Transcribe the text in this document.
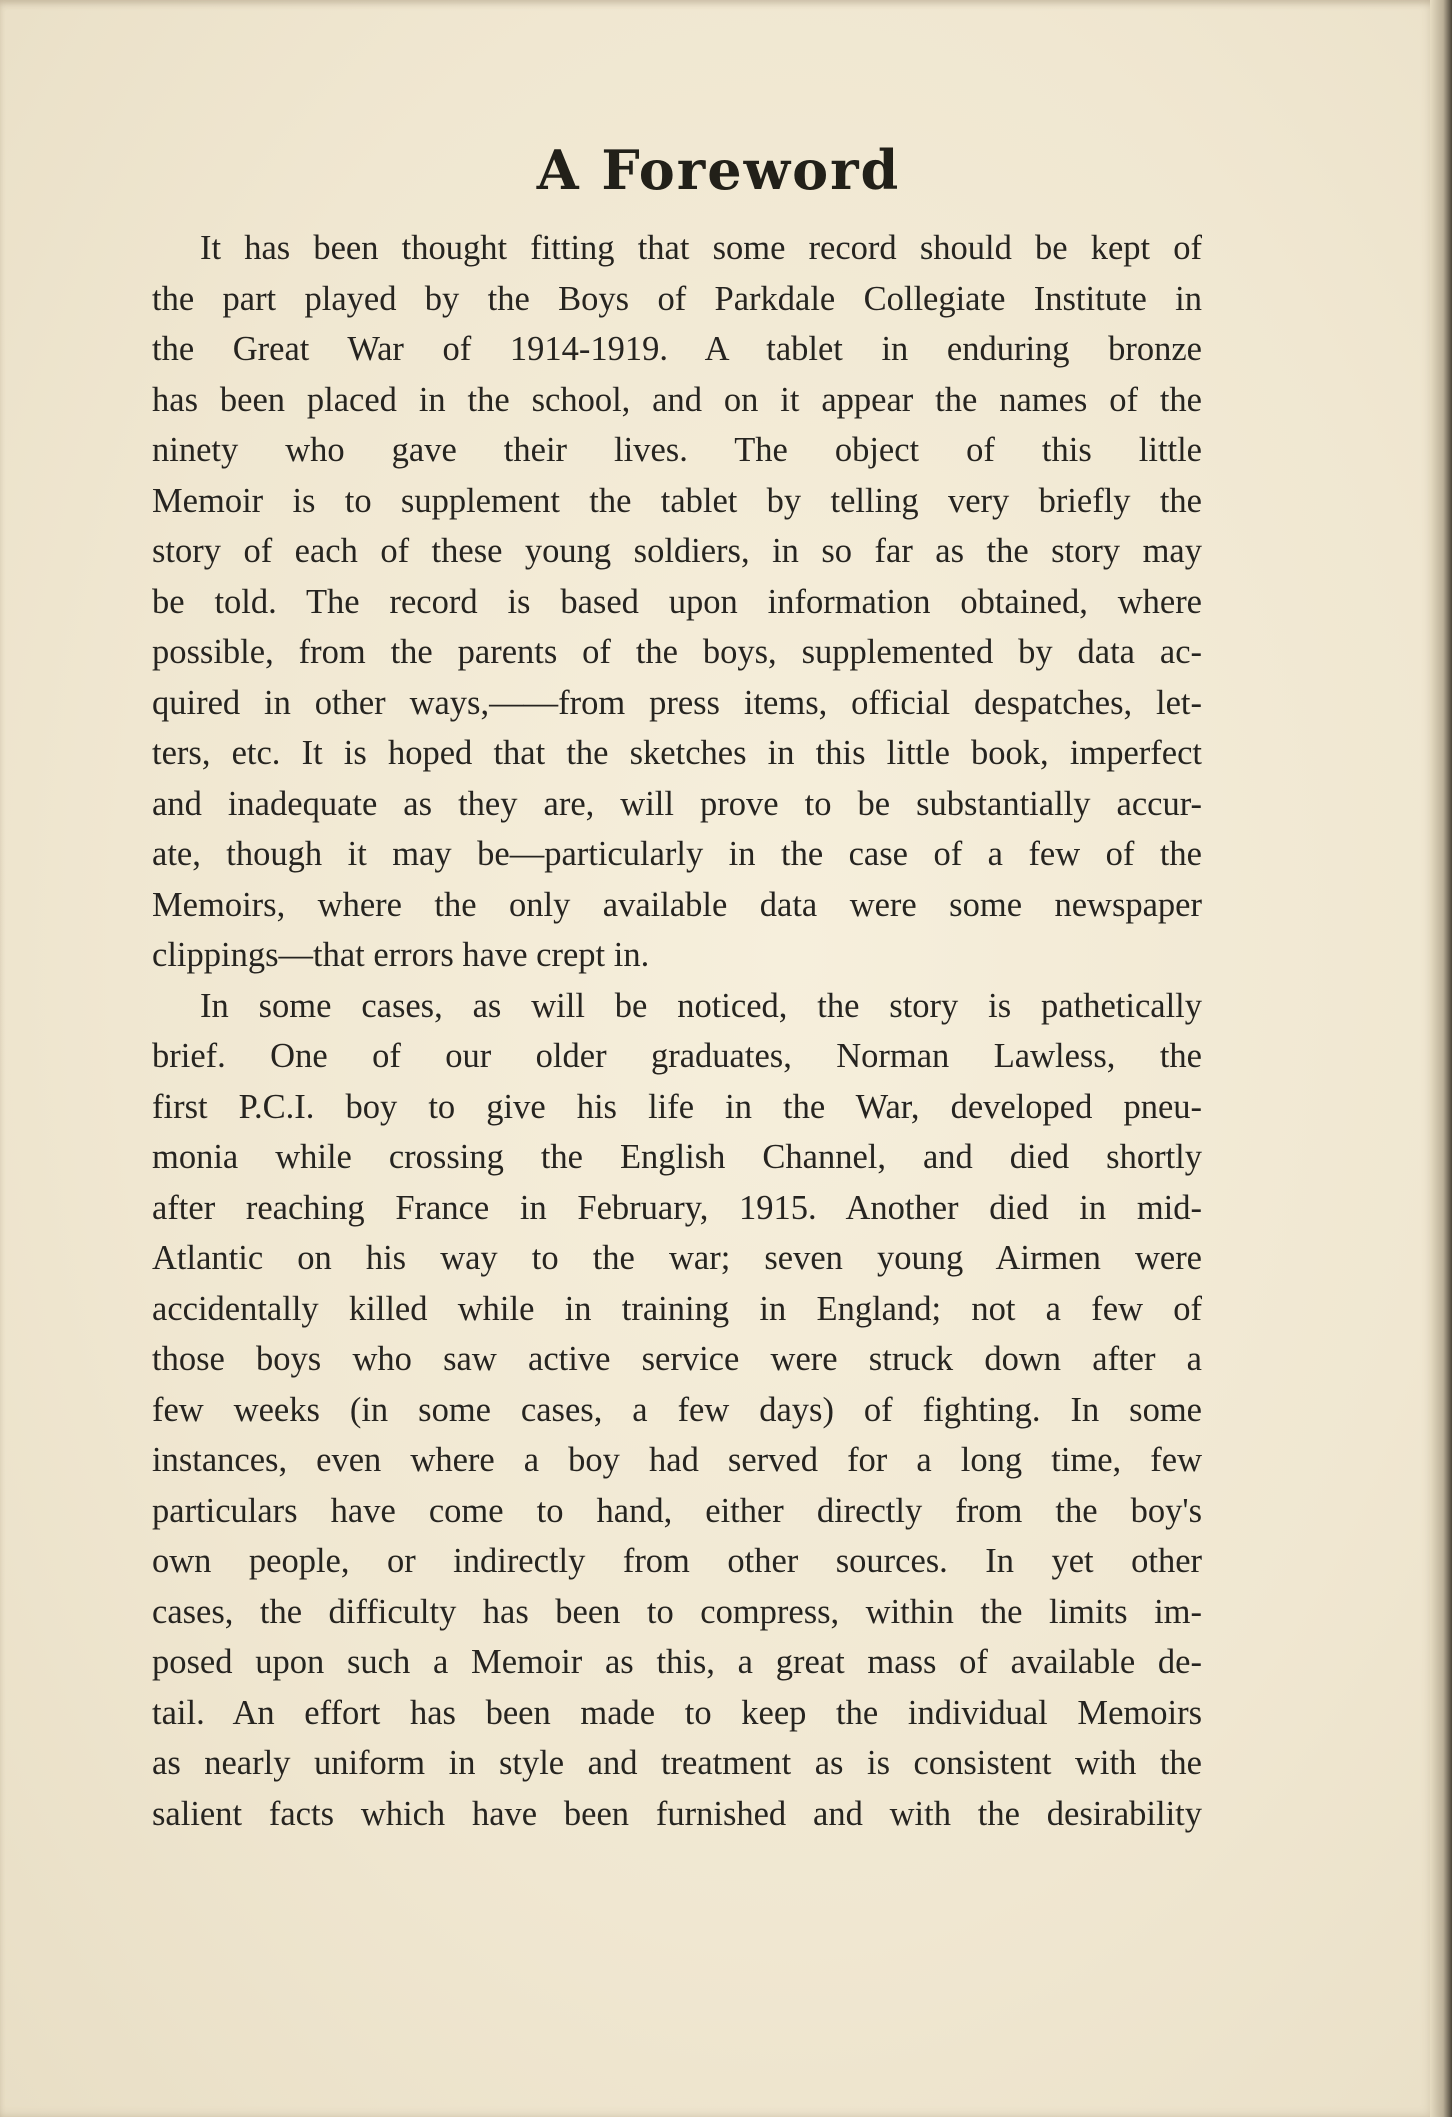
A Foreword
It has been thought fitting that some record should be kept of
the part played by the Boys of Parkdale Collegiate Institute in
the Great War of 1914-1919. A tablet in enduring bronze
has been placed in the school, and on it appear the names of the
ninety who gave their lives. The object of this little
Memoir is to supplement the tablet by telling very briefly the
story of each of these young soldiers, in so far as the story may
be told. The record is based upon information obtained, where
possible, from the parents of the boys, supplemented by data ac-
quired in other ways,——from press items, official despatches, let-
ters, etc. It is hoped that the sketches in this little book, imperfect
and inadequate as they are, will prove to be substantially accur-
ate, though it may be—particularly in the case of a few of the
Memoirs, where the only available data were some newspaper
clippings—that errors have crept in.
In some cases, as will be noticed, the story is pathetically
brief. One of our older graduates, Norman Lawless, the
first P.C.I. boy to give his life in the War, developed pneu-
monia while crossing the English Channel, and died shortly
after reaching France in February, 1915. Another died in mid-
Atlantic on his way to the war; seven young Airmen were
accidentally killed while in training in England; not a few of
those boys who saw active service were struck down after a
few weeks (in some cases, a few days) of fighting. In some
instances, even where a boy had served for a long time, few
particulars have come to hand, either directly from the boy's
own people, or indirectly from other sources. In yet other
cases, the difficulty has been to compress, within the limits im-
posed upon such a Memoir as this, a great mass of available de-
tail. An effort has been made to keep the individual Memoirs
as nearly uniform in style and treatment as is consistent with the
salient facts which have been furnished and with the desirability
